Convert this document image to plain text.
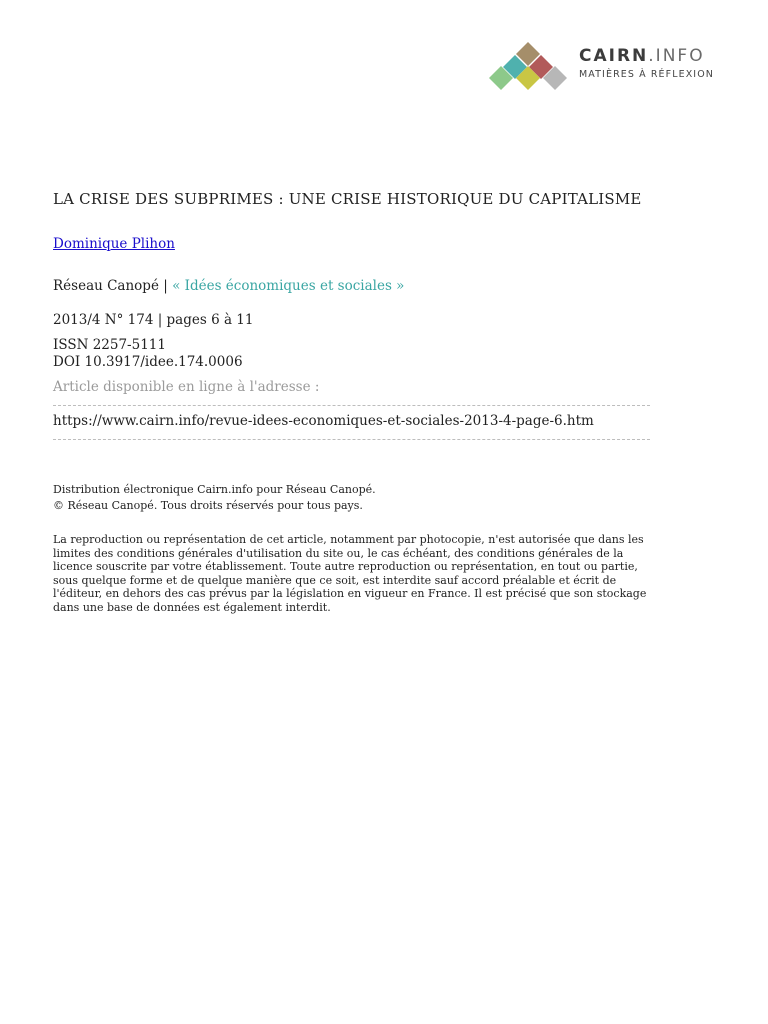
CAIRN.INFO
MATIÈRES À RÉFLEXION
LA CRISE DES SUBPRIMES : UNE CRISE HISTORIQUE DU CAPITALISME
Dominique Plihon
Réseau Canopé | « Idées économiques et sociales »
2013/4 N° 174 | pages 6 à 11
ISSN 2257-5111
DOI 10.3917/idee.174.0006
Article disponible en ligne à l'adresse :
https://www.cairn.info/revue-idees-economiques-et-sociales-2013-4-page-6.htm
Distribution électronique Cairn.info pour Réseau Canopé.
© Réseau Canopé. Tous droits réservés pour tous pays.
La reproduction ou représentation de cet article, notamment par photocopie, n'est autorisée que dans les
limites des conditions générales d'utilisation du site ou, le cas échéant, des conditions générales de la
licence souscrite par votre établissement. Toute autre reproduction ou représentation, en tout ou partie,
sous quelque forme et de quelque manière que ce soit, est interdite sauf accord préalable et écrit de
l'éditeur, en dehors des cas prévus par la législation en vigueur en France. Il est précisé que son stockage
dans une base de données est également interdit.
